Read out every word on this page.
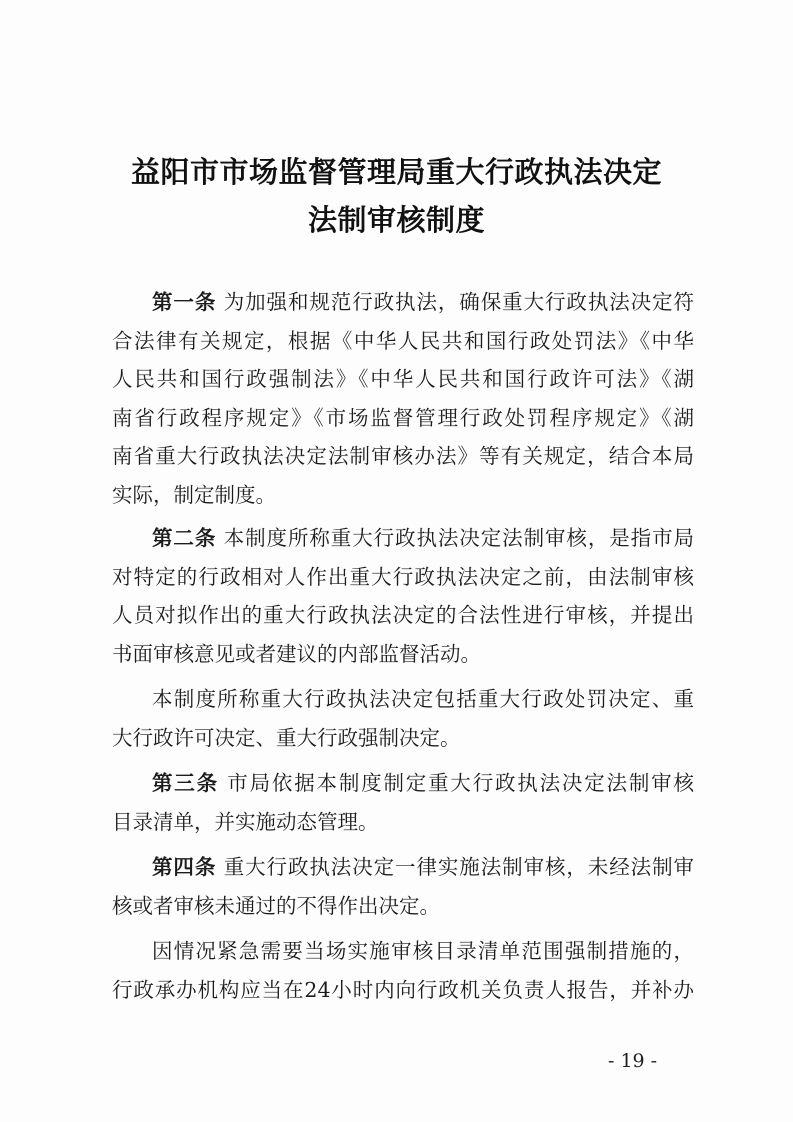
益阳市市场监督管理局重大行政执法决定
法制审核制度
第一条 为加强和规范行政执法，确保重大行政执法决定符
合法律有关规定，根据《中华人民共和国行政处罚法》《中华
人民共和国行政强制法》《中华人民共和国行政许可法》《湖
南省行政程序规定》《市场监督管理行政处罚程序规定》《湖
南省重大行政执法决定法制审核办法》等有关规定，结合本局
实际，制定制度。
第二条 本制度所称重大行政执法决定法制审核，是指市局
对特定的行政相对人作出重大行政执法决定之前，由法制审核
人员对拟作出的重大行政执法决定的合法性进行审核，并提出
书面审核意见或者建议的内部监督活动。
本制度所称重大行政执法决定包括重大行政处罚决定、重
大行政许可决定、重大行政强制决定。
第三条 市局依据本制度制定重大行政执法决定法制审核
目录清单，并实施动态管理。
第四条 重大行政执法决定一律实施法制审核，未经法制审
核或者审核未通过的不得作出决定。
因情况紧急需要当场实施审核目录清单范围强制措施的，
行政承办机构应当在24小时内向行政机关负责人报告，并补办
- 19 -
